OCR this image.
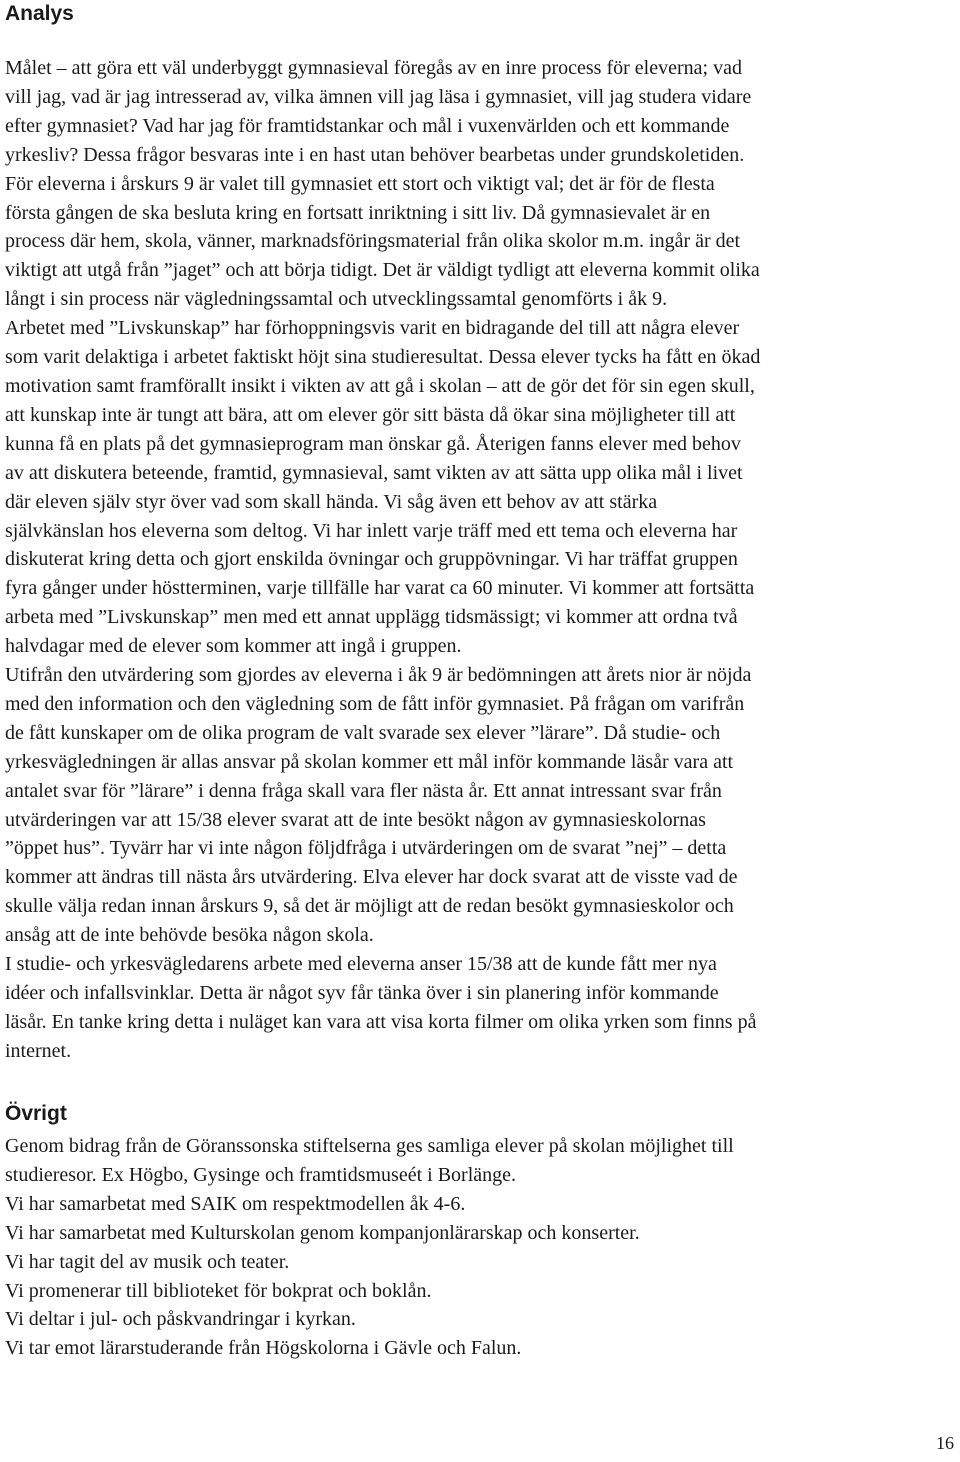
Analys
Målet – att göra ett väl underbyggt gymnasieval föregås av en inre process för eleverna; vad
vill jag, vad är jag intresserad av, vilka ämnen vill jag läsa i gymnasiet, vill jag studera vidare
efter gymnasiet? Vad har jag för framtidstankar och mål i vuxenvärlden och ett kommande
yrkesliv? Dessa frågor besvaras inte i en hast utan behöver bearbetas under grundskoletiden.
För eleverna i årskurs 9 är valet till gymnasiet ett stort och viktigt val; det är för de flesta
första gången de ska besluta kring en fortsatt inriktning i sitt liv. Då gymnasievalet är en
process där hem, skola, vänner, marknadsföringsmaterial från olika skolor m.m. ingår är det
viktigt att utgå från ”jaget” och att börja tidigt. Det är väldigt tydligt att eleverna kommit olika
långt i sin process när vägledningssamtal och utvecklingssamtal genomförts i åk 9.
Arbetet med ”Livskunskap” har förhoppningsvis varit en bidragande del till att några elever
som varit delaktiga i arbetet faktiskt höjt sina studieresultat. Dessa elever tycks ha fått en ökad
motivation samt framförallt insikt i vikten av att gå i skolan – att de gör det för sin egen skull,
att kunskap inte är tungt att bära, att om elever gör sitt bästa då ökar sina möjligheter till att
kunna få en plats på det gymnasieprogram man önskar gå. Återigen fanns elever med behov
av att diskutera beteende, framtid, gymnasieval, samt vikten av att sätta upp olika mål i livet
där eleven själv styr över vad som skall hända. Vi såg även ett behov av att stärka
självkänslan hos eleverna som deltog. Vi har inlett varje träff med ett tema och eleverna har
diskuterat kring detta och gjort enskilda övningar och gruppövningar. Vi har träffat gruppen
fyra gånger under höstterminen, varje tillfälle har varat ca 60 minuter. Vi kommer att fortsätta
arbeta med ”Livskunskap” men med ett annat upplägg tidsmässigt; vi kommer att ordna två
halvdagar med de elever som kommer att ingå i gruppen.
Utifrån den utvärdering som gjordes av eleverna i åk 9 är bedömningen att årets nior är nöjda
med den information och den vägledning som de fått inför gymnasiet. På frågan om varifrån
de fått kunskaper om de olika program de valt svarade sex elever ”lärare”. Då studie- och
yrkesvägledningen är allas ansvar på skolan kommer ett mål inför kommande läsår vara att
antalet svar för ”lärare” i denna fråga skall vara fler nästa år. Ett annat intressant svar från
utvärderingen var att 15/38 elever svarat att de inte besökt någon av gymnasieskolornas
”öppet hus”. Tyvärr har vi inte någon följdfråga i utvärderingen om de svarat ”nej” – detta
kommer att ändras till nästa års utvärdering. Elva elever har dock svarat att de visste vad de
skulle välja redan innan årskurs 9, så det är möjligt att de redan besökt gymnasieskolor och
ansåg att de inte behövde besöka någon skola.
I studie- och yrkesvägledarens arbete med eleverna anser 15/38 att de kunde fått mer nya
idéer och infallsvinklar. Detta är något syv får tänka över i sin planering inför kommande
läsår. En tanke kring detta i nuläget kan vara att visa korta filmer om olika yrken som finns på
internet.
Övrigt
Genom bidrag från de Göranssonska stiftelserna ges samliga elever på skolan möjlighet till
studieresor. Ex Högbo, Gysinge och framtidsmuseét i Borlänge.
Vi har samarbetat med SAIK om respektmodellen åk 4-6.
Vi har samarbetat med Kulturskolan genom kompanjonlärarskap och konserter.
Vi har tagit del av musik och teater.
Vi promenerar till biblioteket för bokprat och boklån.
Vi deltar i jul- och påskvandringar i kyrkan.
Vi tar emot lärarstuderande från Högskolorna i Gävle och Falun.
16
